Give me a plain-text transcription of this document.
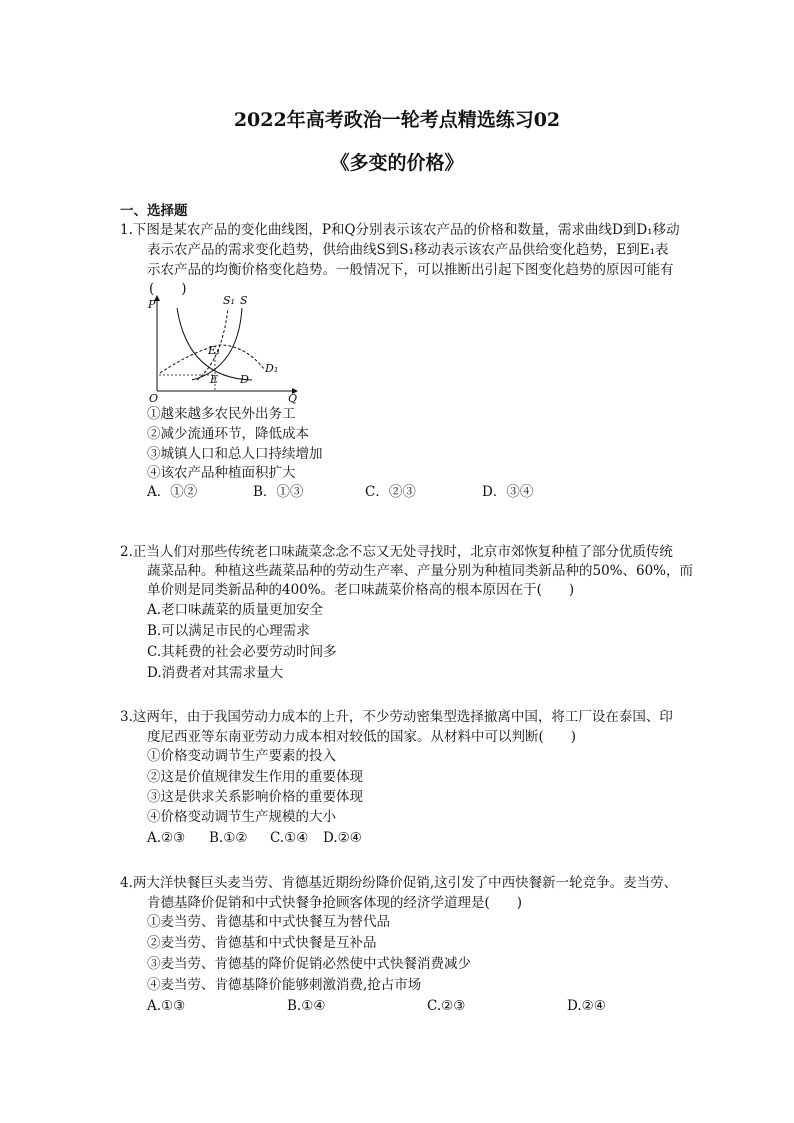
2022年高考政治一轮考点精选练习02
《多变的价格》
一、选择题
1.下图是某农产品的变化曲线图，P和Q分别表示该农产品的价格和数量，需求曲线D到D₁移动
表示农产品的需求变化趋势，供给曲线S到S₁移动表示该农产品供给变化趋势，E到E₁表
示农产品的均衡价格变化趋势。一般情况下，可以推断出引起下图变化趋势的原因可能有
(　　)
P	S₁ S
E₁
D₁
E D
O	Q
①越来越多农民外出务工
②减少流通环节，降低成本
③城镇人口和总人口持续增加
④该农产品种植面积扩大
A．①②	B．①③	C．②③	D．③④
2.正当人们对那些传统老口味蔬菜念念不忘又无处寻找时，北京市郊恢复种植了部分优质传统
蔬菜品种。种植这些蔬菜品种的劳动生产率、产量分别为种植同类新品种的50%、60%，而
单价则是同类新品种的400%。老口味蔬菜价格高的根本原因在于(　　)
A.老口味蔬菜的质量更加安全
B.可以满足市民的心理需求
C.其耗费的社会必要劳动时间多
D.消费者对其需求量大
3.这两年，由于我国劳动力成本的上升，不少劳动密集型选择撤离中国，将工厂设在泰国、印
度尼西亚等东南亚劳动力成本相对较低的国家。从材料中可以判断(　　)
①价格变动调节生产要素的投入
②这是价值规律发生作用的重要体现
③这是供求关系影响价格的重要体现
④价格变动调节生产规模的大小
A.②③ B.①② C.①④ D.②④
4.两大洋快餐巨头麦当劳、肯德基近期纷纷降价促销,这引发了中西快餐新一轮竞争。麦当劳、
肯德基降价促销和中式快餐争抢顾客体现的经济学道理是(　　)
①麦当劳、肯德基和中式快餐互为替代品
②麦当劳、肯德基和中式快餐是互补品
③麦当劳、肯德基的降价促销必然使中式快餐消费减少
④麦当劳、肯德基降价能够刺激消费,抢占市场
A.①③	B.①④	C.②③	D.②④
